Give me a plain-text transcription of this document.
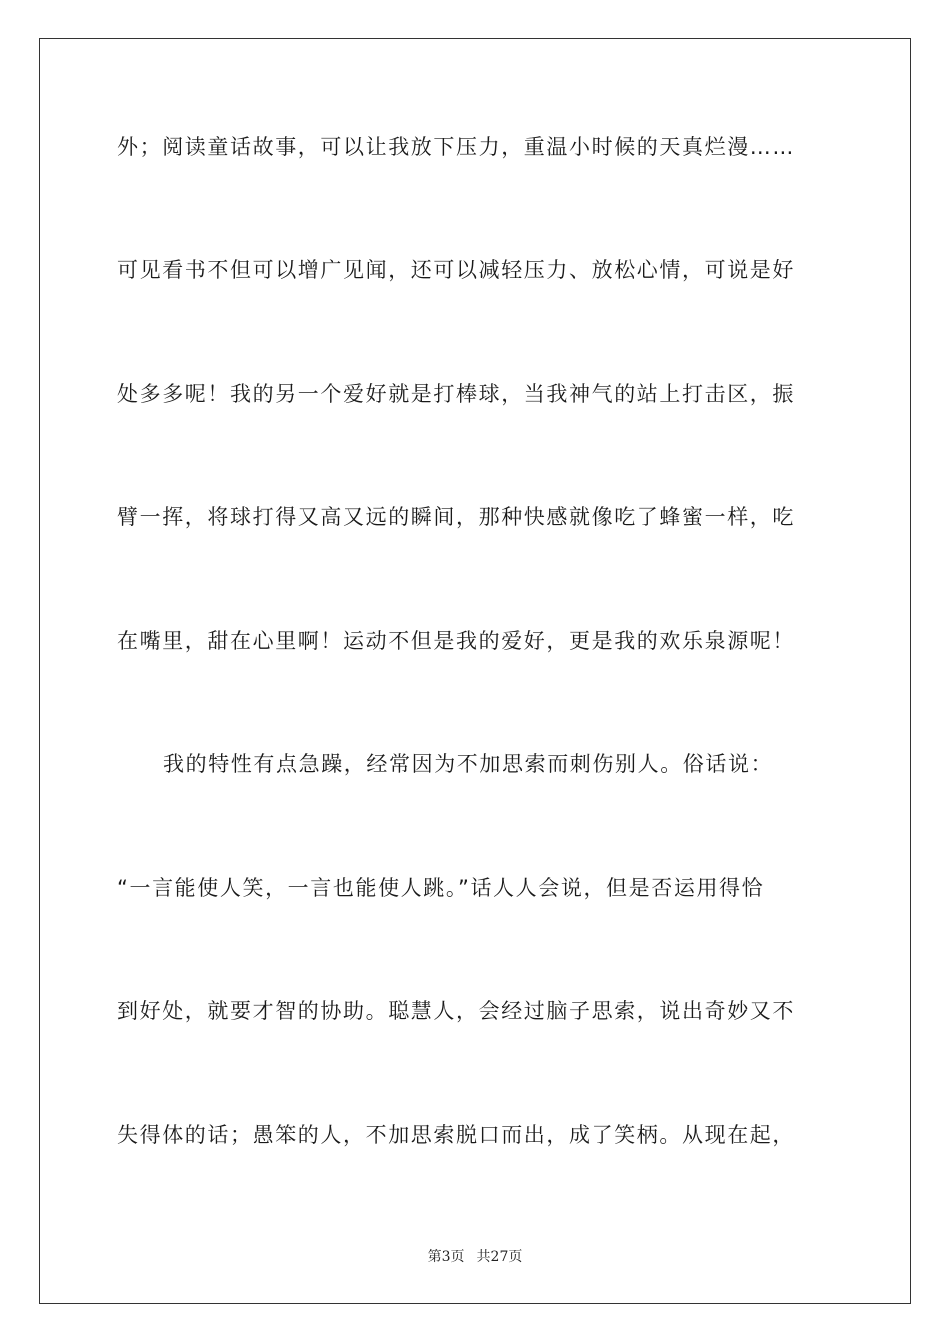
外；阅读童话故事，可以让我放下压力，重温小时候的天真烂漫……
可见看书不但可以增广见闻，还可以减轻压力、放松心情，可说是好
处多多呢！我的另一个爱好就是打棒球，当我神气的站上打击区，振
臂一挥，将球打得又高又远的瞬间，那种快感就像吃了蜂蜜一样，吃
在嘴里，甜在心里啊！运动不但是我的爱好，更是我的欢乐泉源呢！
我的特性有点急躁，经常因为不加思索而刺伤别人。俗话说：
“一言能使人笑，一言也能使人跳。”话人人会说，但是否运用得恰
到好处，就要才智的协助。聪慧人，会经过脑子思索，说出奇妙又不
失得体的话；愚笨的人，不加思索脱口而出，成了笑柄。从现在起，
第3页 共27页
